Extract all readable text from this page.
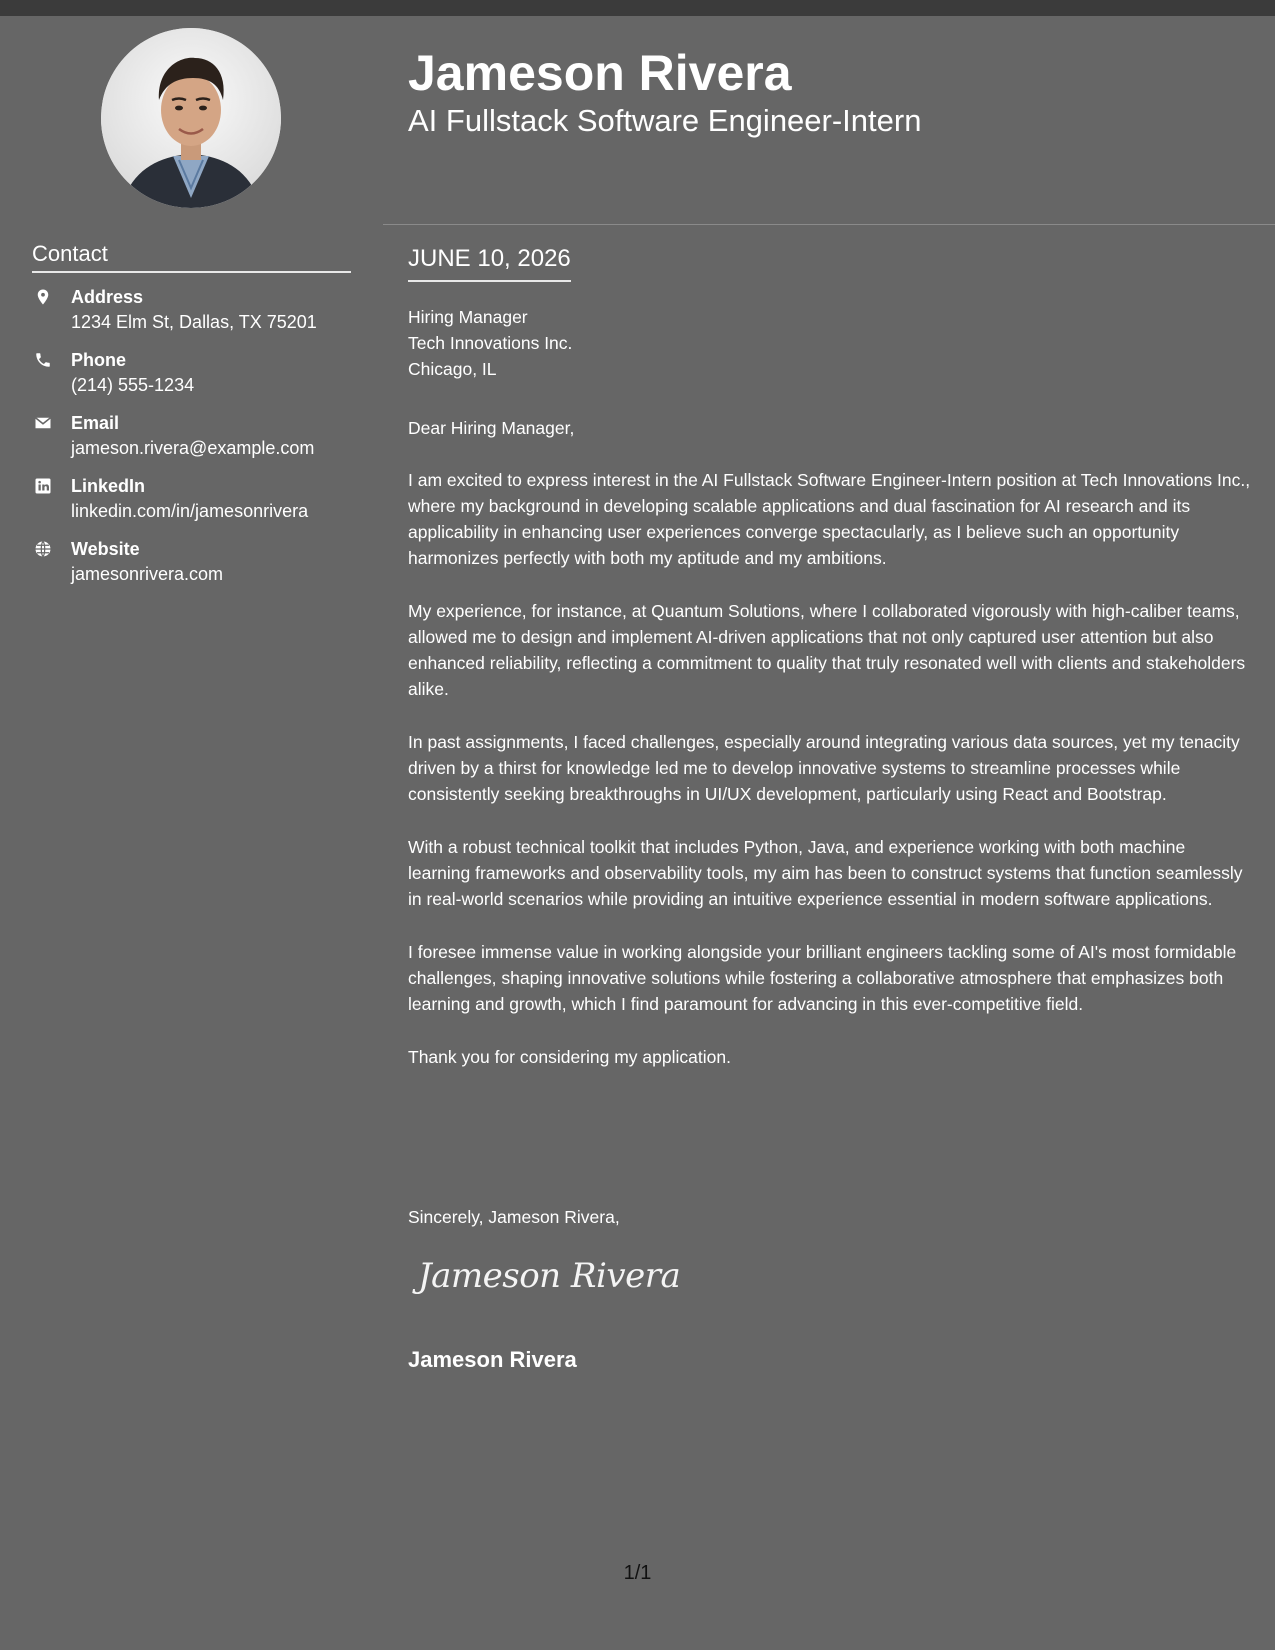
Contact
Address
1234 Elm St, Dallas, TX 75201
Phone
(214) 555-1234
Email
jameson.rivera@example.com
LinkedIn
linkedin.com/in/jamesonrivera
Website
jamesonrivera.com
Jameson Rivera
AI Fullstack Software Engineer-Intern
JUNE 10, 2026
Hiring Manager
Tech Innovations Inc.
Chicago, IL
Dear Hiring Manager,

I am excited to express interest in the AI Fullstack Software Engineer-Intern position at Tech Innovations Inc., where my background in developing scalable applications and dual fascination for AI research and its applicability in enhancing user experiences converge spectacularly, as I believe such an opportunity harmonizes perfectly with both my aptitude and my ambitions.

My experience, for instance, at Quantum Solutions, where I collaborated vigorously with high-caliber teams, allowed me to design and implement AI-driven applications that not only captured user attention but also enhanced reliability, reflecting a commitment to quality that truly resonated well with clients and stakeholders alike.

In past assignments, I faced challenges, especially around integrating various data sources, yet my tenacity driven by a thirst for knowledge led me to develop innovative systems to streamline processes while consistently seeking breakthroughs in UI/UX development, particularly using React and Bootstrap.

With a robust technical toolkit that includes Python, Java, and experience working with both machine learning frameworks and observability tools, my aim has been to construct systems that function seamlessly in real-world scenarios while providing an intuitive experience essential in modern software applications.

I foresee immense value in working alongside your brilliant engineers tackling some of AI's most formidable challenges, shaping innovative solutions while fostering a collaborative atmosphere that emphasizes both learning and growth, which I find paramount for advancing in this ever-competitive field.

Thank you for considering my application.

Sincerely, Jameson Rivera,
Jameson Rivera
Jameson Rivera
1/1
